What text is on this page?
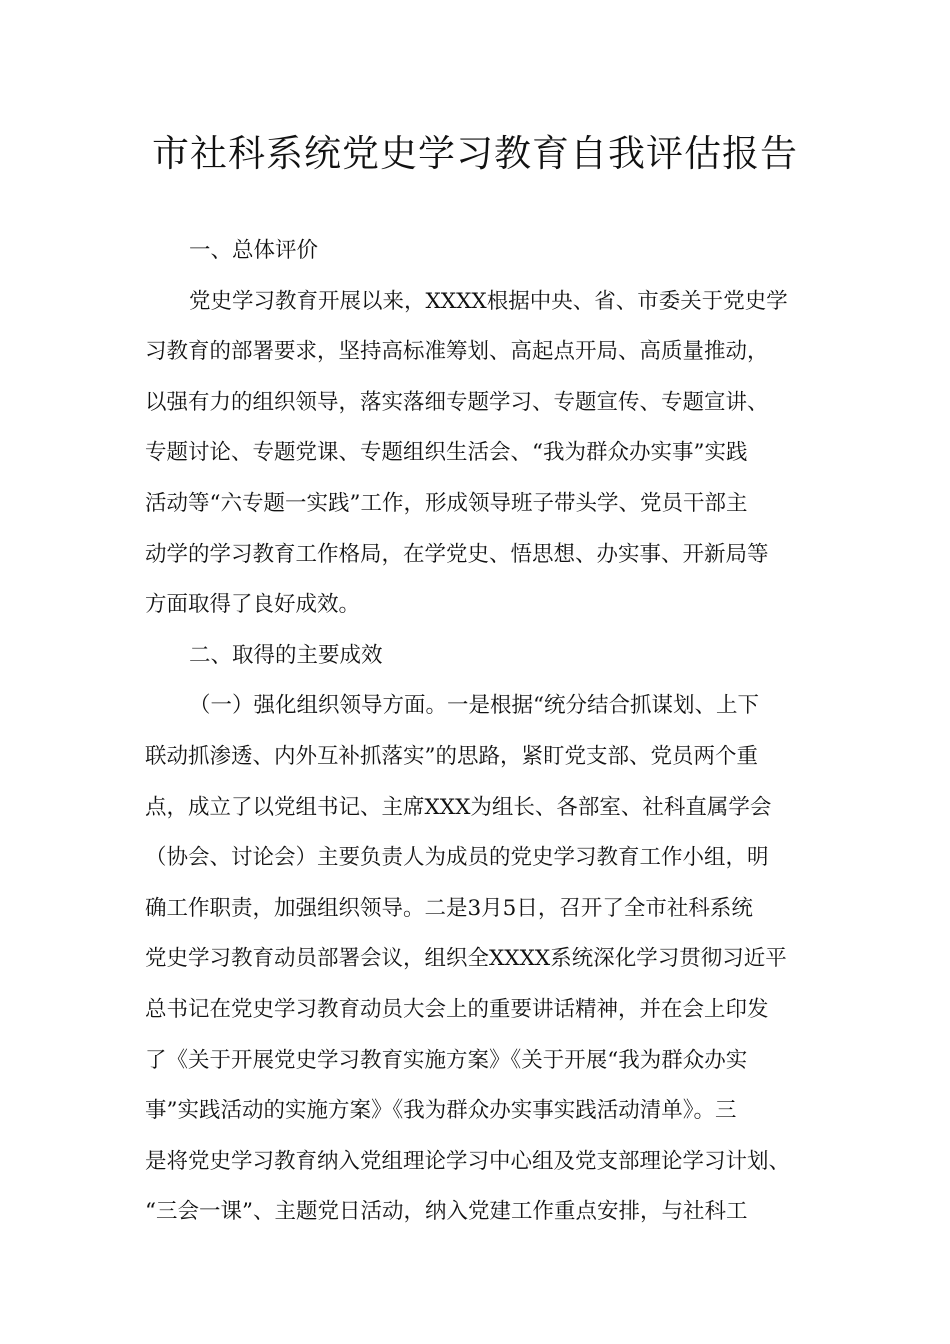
市社科系统党史学习教育自我评估报告
一、总体评价
党史学习教育开展以来，XXXX根据中央、省、市委关于党史学
习教育的部署要求，坚持高标准筹划、高起点开局、高质量推动，
以强有力的组织领导，落实落细专题学习、专题宣传、专题宣讲、
专题讨论、专题党课、专题组织生活会、“我为群众办实事”实践
活动等“六专题一实践”工作，形成领导班子带头学、党员干部主
动学的学习教育工作格局，在学党史、悟思想、办实事、开新局等
方面取得了良好成效。
二、取得的主要成效
（一）强化组织领导方面。一是根据“统分结合抓谋划、上下
联动抓渗透、内外互补抓落实”的思路，紧盯党支部、党员两个重
点，成立了以党组书记、主席XXX为组长、各部室、社科直属学会
（协会、讨论会）主要负责人为成员的党史学习教育工作小组，明
确工作职责，加强组织领导。二是3月5日，召开了全市社科系统
党史学习教育动员部署会议，组织全XXXX系统深化学习贯彻习近平
总书记在党史学习教育动员大会上的重要讲话精神，并在会上印发
了《关于开展党史学习教育实施方案》《关于开展“我为群众办实
事”实践活动的实施方案》《我为群众办实事实践活动清单》。三
是将党史学习教育纳入党组理论学习中心组及党支部理论学习计划、
“三会一课”、主题党日活动，纳入党建工作重点安排，与社科工
